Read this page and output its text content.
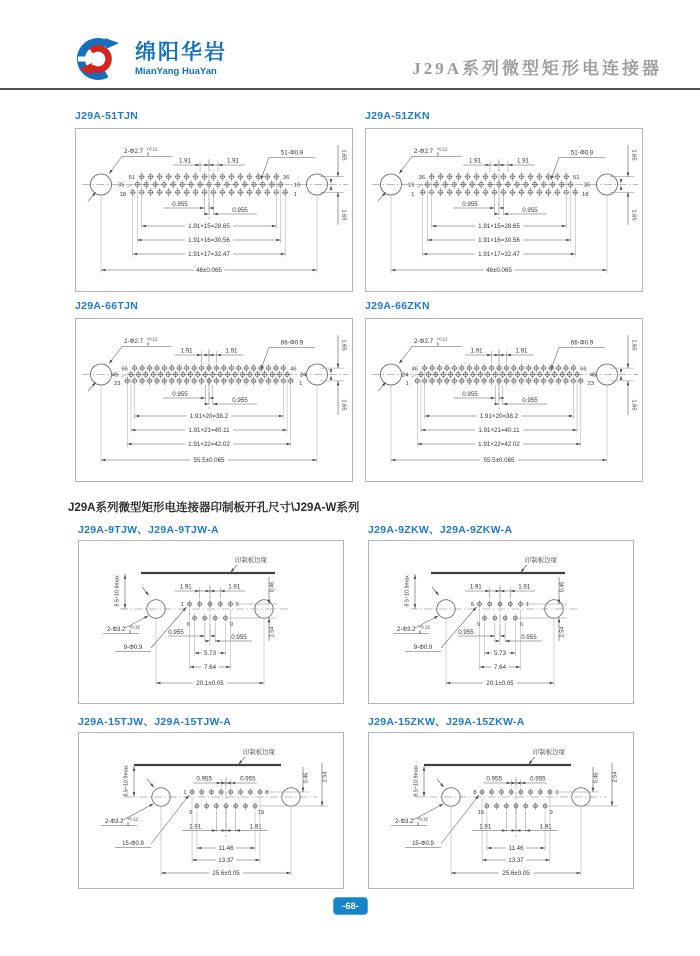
绵阳华岩
MianYang HuaYan	J29A系列微型矩形电连接器
J29A系列微型矩形电连接器印制板开孔尺寸\J29A-W系列
J29A-51TJN
2-Φ2.7 +0.12
0	51-Φ0.9
51	36
35	19
18	1
1.91	1.91
1.65
1.65
0.955
0.955
1.91×15=28.65
1.91×16=30.56
1.91×17=32.47
46±0.065
J29A-51ZKN
2-Φ2.7 +0.12
0	51-Φ0.9
36	51
19	35
1	18
1.91	1.91
1.65
1.65
0.955
0.955
1.91×15=28.65
1.91×16=30.56
1.91×17=32.47
46±0.065
J29A-66TJN
2-Φ2.7 +0.12
0	66-Φ0.9
66	46
45	24
23	1
1.91	1.91
1.65
1.65
0.955
0.955
1.91×20=38.2
1.91×21=40.11
1.91×22=42.02
55.5±0.065
J29A-66ZKN
2-Φ2.7 +0.12
0	66-Φ0.9
46	66
24	45
1	23
1.91	1.91
1.65
1.65
0.955
0.955
1.91×20=38.2
1.91×21=40.11
1.91×22=42.02
55.5±0.065
J29A-9TJW、J29A-9TJW-A
印制板边缘
8.5~10.9max
2-Φ3.2 +0.12
0
1	5
6	9
9-Φ0.9
1.91	1.91
0.955
0.955
0.46
2.54
5.73
7.64
20.1±0.05
J29A-9ZKW、J29A-9ZKW-A
印制板边缘
8.5~10.9max
2-Φ3.2 +0.12
0
5	1
9	6
9-Φ0.9
1.91	1.91
0.955
0.955
0.46
2.54
5.73
7.64
20.1±0.05
J29A-15TJW、J29A-15TJW-A
印制板边缘
8.5~10.9max
2-Φ3.2 +0.12
0
1	8
9	15
15-Φ0.9
0.955	0.955
1.91	1.91
0.46 2.54
11.46
13.37
25.6±0.05
J29A-15ZKW、J29A-15ZKW-A
印制板边缘
8.5~10.9max
2-Φ3.2 +0.12
0
8	1
15	9
15-Φ0.9
0.955	0.955
1.91	1.91
0.46 2.54
11.46
13.37
25.6±0.05
-68-
